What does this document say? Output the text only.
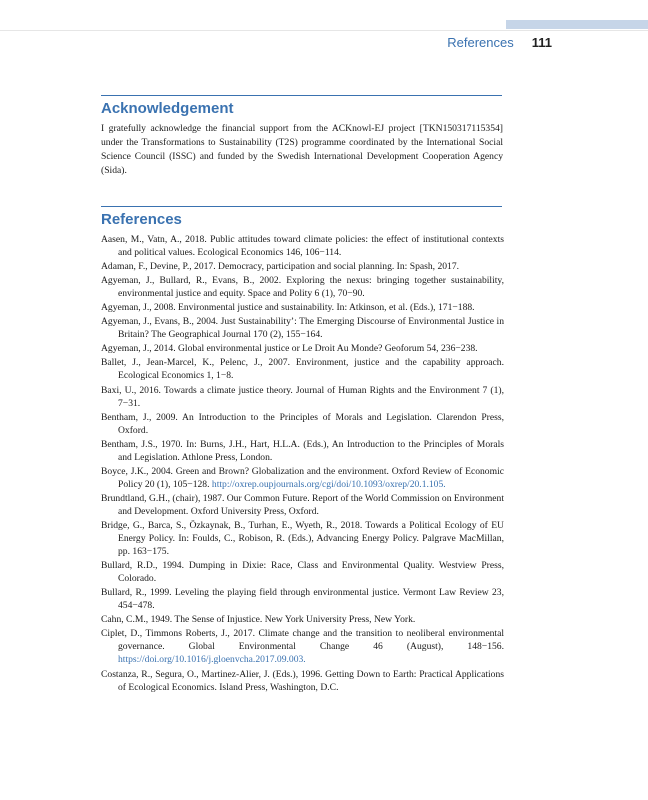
References 111
Acknowledgement

I gratefully acknowledge the financial support from the ACKnowl-EJ project [TKN150317115354] under the Transformations to Sustainability (T2S) programme coordinated by the International Social Science Council (ISSC) and funded by the Swedish International Development Cooperation Agency (Sida).

References
Aasen, M., Vatn, A., 2018. Public attitudes toward climate policies: the effect of institutional contexts and political values. Ecological Economics 146, 106−114.
Adaman, F., Devine, P., 2017. Democracy, participation and social planning. In: Spash, 2017.
Agyeman, J., Bullard, R., Evans, B., 2002. Exploring the nexus: bringing together sustainability, environmental justice and equity. Space and Polity 6 (1), 70−90.
Agyeman, J., 2008. Environmental justice and sustainability. In: Atkinson, et al. (Eds.), 171−188.
Agyeman, J., Evans, B., 2004. Just Sustainability’: The Emerging Discourse of Environmental Justice in Britain? The Geographical Journal 170 (2), 155−164.
Agyeman, J., 2014. Global environmental justice or Le Droit Au Monde? Geoforum 54, 236−238.
Ballet, J., Jean-Marcel, K., Pelenc, J., 2007. Environment, justice and the capability approach. Ecological Economics 1, 1−8.
Baxi, U., 2016. Towards a climate justice theory. Journal of Human Rights and the Environment 7 (1), 7−31.
Bentham, J., 2009. An Introduction to the Principles of Morals and Legislation. Clarendon Press, Oxford.
Bentham, J.S., 1970. In: Burns, J.H., Hart, H.L.A. (Eds.), An Introduction to the Principles of Morals and Legislation. Athlone Press, London.
Boyce, J.K., 2004. Green and Brown? Globalization and the environment. Oxford Review of Economic Policy 20 (1), 105−128. http://oxrep.oupjournals.org/cgi/doi/10.1093/oxrep/20.1.105.
Brundtland, G.H., (chair), 1987. Our Common Future. Report of the World Commission on Environment and Development. Oxford University Press, Oxford.
Bridge, G., Barca, S., Özkaynak, B., Turhan, E., Wyeth, R., 2018. Towards a Political Ecology of EU Energy Policy. In: Foulds, C., Robison, R. (Eds.), Advancing Energy Policy. Palgrave MacMillan, pp. 163−175.
Bullard, R.D., 1994. Dumping in Dixie: Race, Class and Environmental Quality. Westview Press, Colorado.
Bullard, R., 1999. Leveling the playing field through environmental justice. Vermont Law Review 23, 454−478.
Cahn, C.M., 1949. The Sense of Injustice. New York University Press, New York.
Ciplet, D., Timmons Roberts, J., 2017. Climate change and the transition to neoliberal environmental governance. Global Environmental Change 46 (August), 148−156. https://doi.org/10.1016/j.gloenvcha.2017.09.003.
Costanza, R., Segura, O., Martinez-Alier, J. (Eds.), 1996. Getting Down to Earth: Practical Applications of Ecological Economics. Island Press, Washington, D.C.
